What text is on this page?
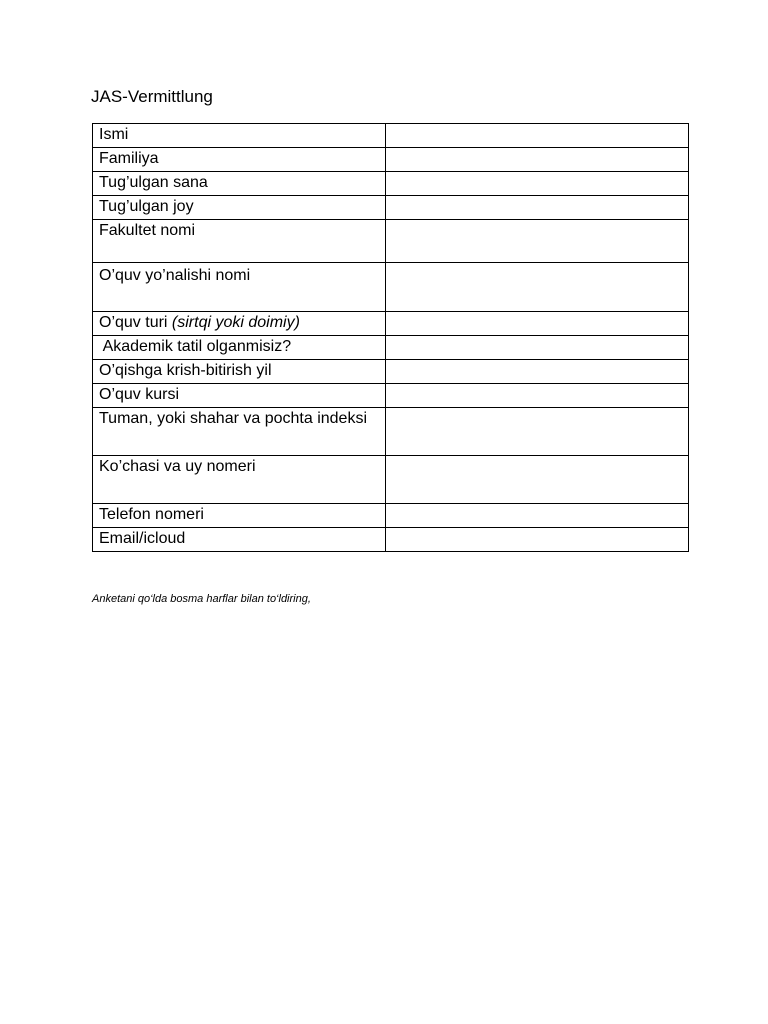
JAS-Vermittlung
Ismi	
Familiya	
Tug’ulgan sana	
Tug’ulgan joy	
Fakultet nomi	
O’quv yo’nalishi nomi	
O’quv turi (sirtqi yoki doimiy)	
Akademik tatil olganmisiz?	
O’qishga krish-bitirish yil	
O’quv kursi	
Tuman, yoki shahar va pochta indeksi	
Ko’chasi va uy nomeri	
Telefon nomeri	
Email/icloud	
Anketani qo‘lda bosma harflar bilan to‘ldiring,
